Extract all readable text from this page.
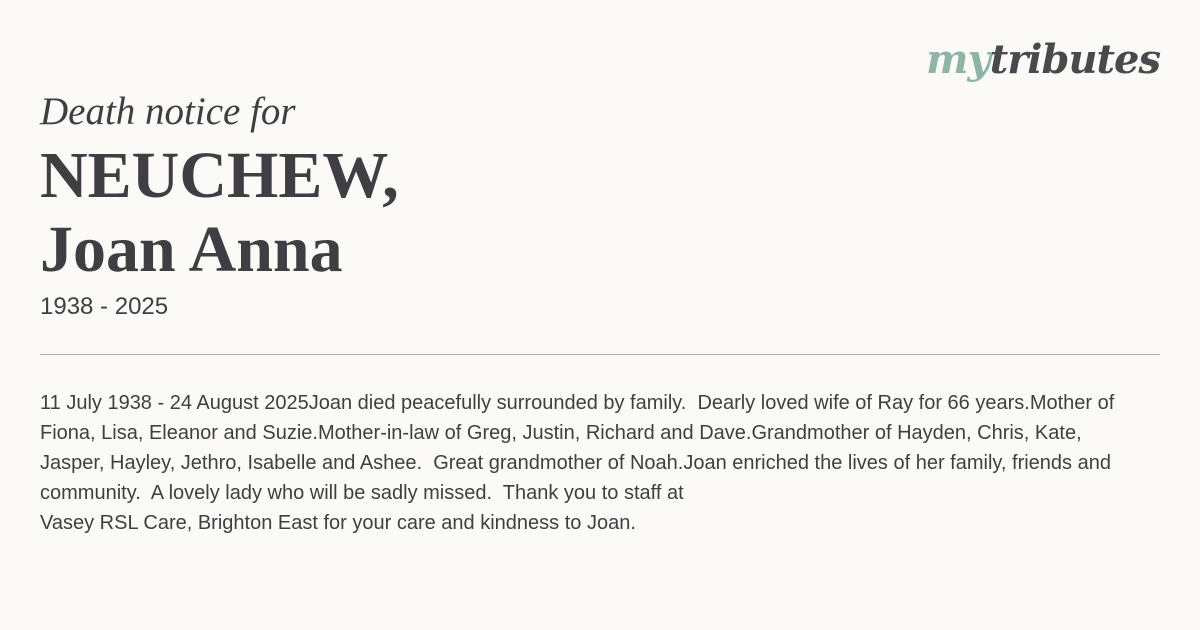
mytributes
Death notice for
NEUCHEW,
Joan Anna
1938 - 2025
11 July 1938 - 24 August 2025Joan died peacefully surrounded by family.  Dearly loved wife of Ray for 66 years.Mother of Fiona, Lisa, Eleanor and Suzie.Mother-in-law of Greg, Justin, Richard and Dave.Grandmother of Hayden, Chris, Kate, Jasper, Hayley, Jethro, Isabelle and Ashee.  Great grandmother of Noah.Joan enriched the lives of her family, friends and community.  A lovely lady who will be sadly missed.  Thank you to staff at
Vasey RSL Care, Brighton East for your care and kindness to Joan.
